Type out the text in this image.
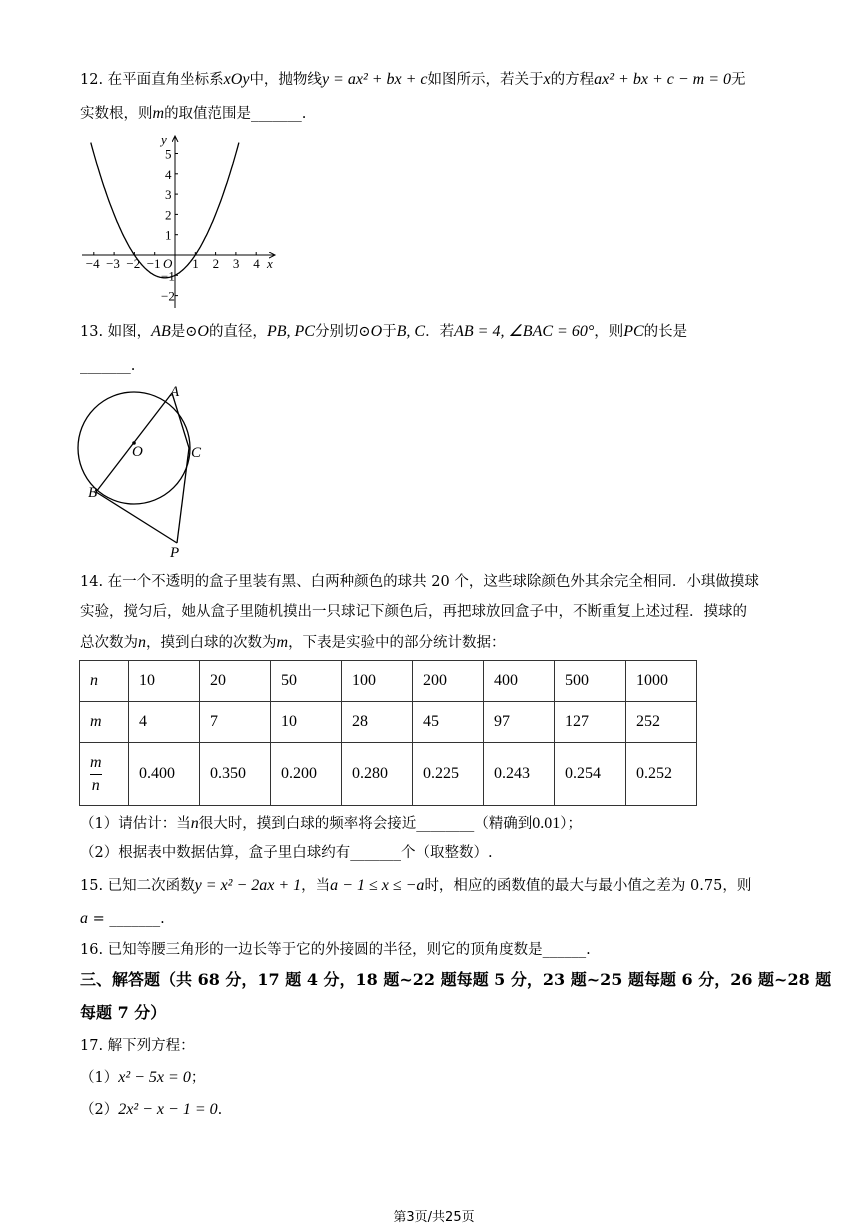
12. 在平面直角坐标系xOy中，抛物线y = ax² + bx + c如图所示，若关于x的方程ax² + bx + c − m = 0无
实数根，则m的取值范围是_______.
y
x
O
−4 −3 −2 −1 1 2 3 4
5
4
3
2
1
−1
−2
13. 如图，AB是⊙O的直径，PB, PC分别切⊙O于B, C．若AB = 4, ∠BAC = 60°，则PC的长是
_______.
A
O	C
B
P
14. 在一个不透明的盒子里装有黑、白两种颜色的球共 20 个，这些球除颜色外其余完全相同．小琪做摸球
实验，搅匀后，她从盒子里随机摸出一只球记下颜色后，再把球放回盒子中，不断重复上述过程．摸球的
总次数为n，摸到白球的次数为m，下表是实验中的部分统计数据：
n	10	20	50	100	200	400	500	1000
m	4	7	10	28	45	97	127	252

$\frac{m}{n}$	0.400	0.350	0.200	0.280	0.225	0.243	0.254	0.252
（1）请估计：当n很大时，摸到白球的频率将会接近________（精确到0.01）；
（2）根据表中数据估算，盒子里白球约有_______个（取整数）.
15. 已知二次函数y = x² − 2ax + 1，当a − 1 ≤ x ≤ −a时，相应的函数值的最大与最小值之差为 0.75，则
a = _______.
16. 已知等腰三角形的一边长等于它的外接圆的半径，则它的顶角度数是______.
三、解答题（共 68 分，17 题 4 分，18 题~22 题每题 5 分，23 题~25 题每题 6 分，26 题~28 题
每题 7 分）
17. 解下列方程：
（1）x² − 5x = 0；
（2）2x² − x − 1 = 0.
第3页/共25页
